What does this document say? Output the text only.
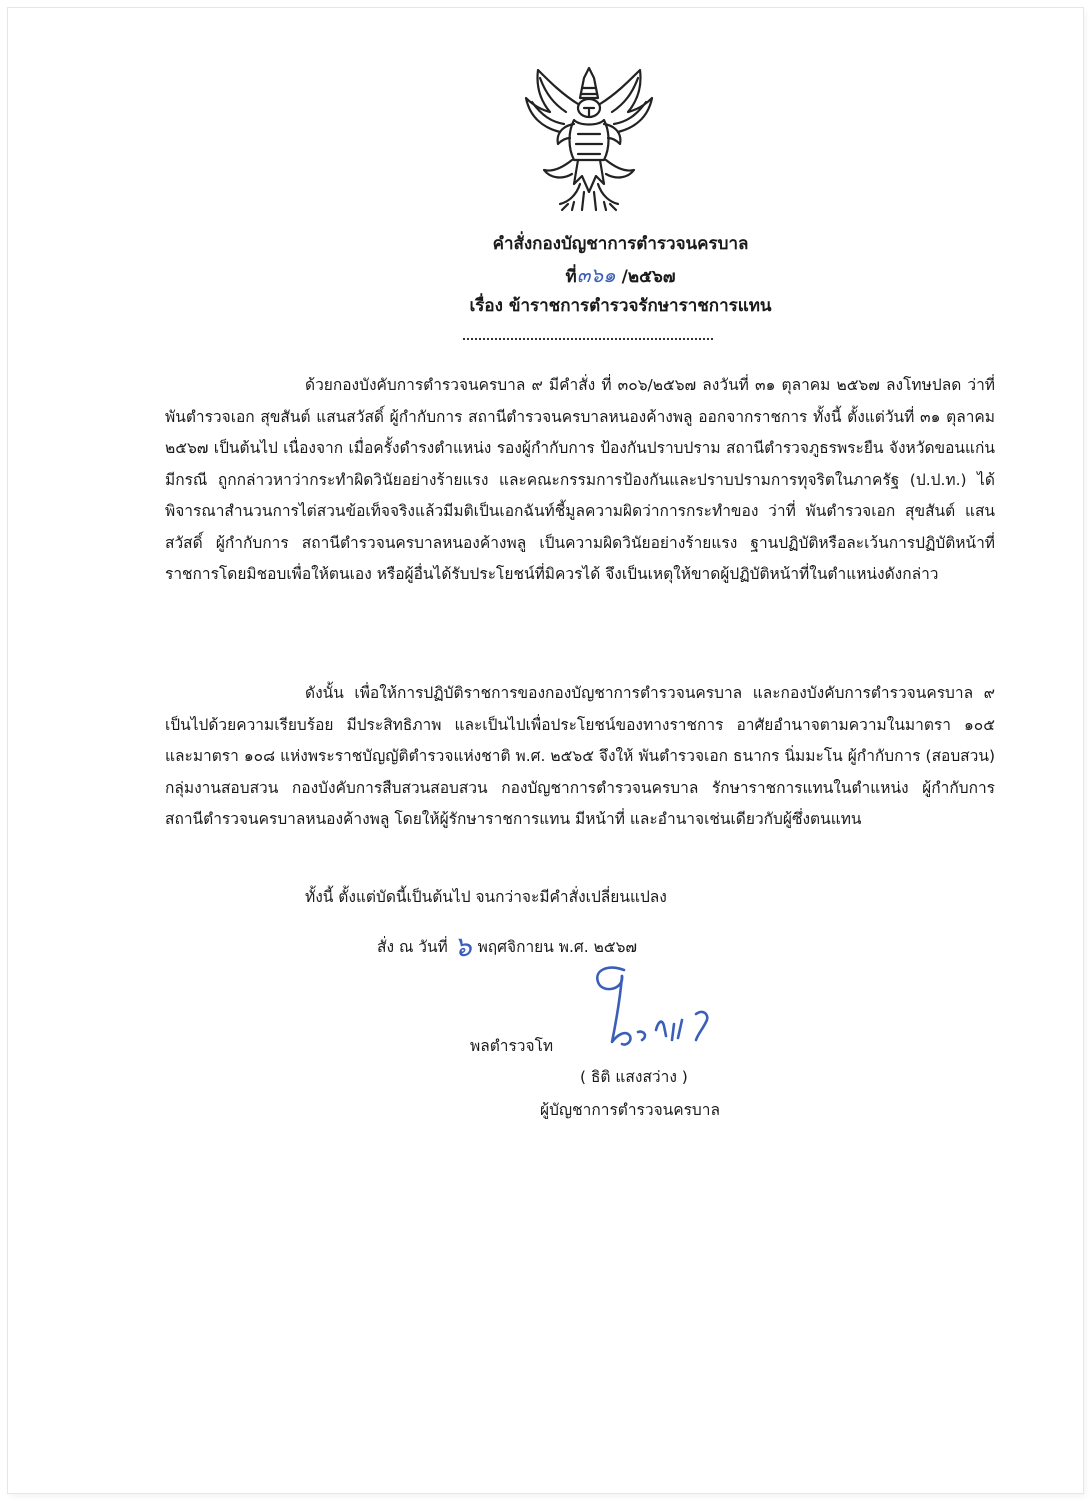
คำสั่งกองบัญชาการตำรวจนครบาล
ที่๓๖๑ /๒๕๖๗
เรื่อง ข้าราชการตำรวจรักษาราชการแทน
ด้วยกองบังคับการตำรวจนครบาล ๙ มีคำสั่ง ที่ ๓๐๖/๒๕๖๗ ลงวันที่ ๓๑ ตุลาคม ๒๕๖๗ ลงโทษปลด ว่าที่ พันตำรวจเอก สุขสันต์ แสนสวัสดิ์ ผู้กำกับการ สถานีตำรวจนครบาลหนองค้างพลู ออกจากราชการ ทั้งนี้ ตั้งแต่วันที่ ๓๑ ตุลาคม ๒๕๖๗ เป็นต้นไป เนื่องจาก เมื่อครั้งดำรงตำแหน่ง รองผู้กำกับการ ป้องกันปราบปราม สถานีตำรวจภูธรพระยืน จังหวัดขอนแก่น มีกรณี ถูกกล่าวหาว่ากระทำผิดวินัยอย่างร้ายแรง และคณะกรรมการป้องกันและปราบปรามการทุจริตในภาครัฐ (ป.ป.ท.) ได้พิจารณาสำนวนการไต่สวนข้อเท็จจริงแล้วมีมติเป็นเอกฉันท์ชี้มูลความผิดว่าการกระทำของ ว่าที่ พันตำรวจเอก สุขสันต์ แสนสวัสดิ์ ผู้กำกับการ สถานีตำรวจนครบาลหนองค้างพลู เป็นความผิดวินัยอย่างร้ายแรง ฐานปฏิบัติหรือละเว้นการปฏิบัติหน้าที่ราชการโดยมิชอบเพื่อให้ตนเอง หรือผู้อื่นได้รับประโยชน์ที่มิควรได้ จึงเป็นเหตุให้ขาดผู้ปฏิบัติหน้าที่ในตำแหน่งดังกล่าว
ดังนั้น เพื่อให้การปฏิบัติราชการของกองบัญชาการตำรวจนครบาล และกองบังคับการตำรวจนครบาล ๙ เป็นไปด้วยความเรียบร้อย มีประสิทธิภาพ และเป็นไปเพื่อประโยชน์ของทางราชการ อาศัยอำนาจตามความในมาตรา ๑๐๕ และมาตรา ๑๐๘ แห่งพระราชบัญญัติตำรวจแห่งชาติ พ.ศ. ๒๕๖๕ จึงให้ พันตำรวจเอก ธนากร นิ่มมะโน ผู้กำกับการ (สอบสวน) กลุ่มงานสอบสวน กองบังคับการสืบสวนสอบสวน กองบัญชาการตำรวจนครบาล รักษาราชการแทนในตำแหน่ง ผู้กำกับการ สถานีตำรวจนครบาลหนองค้างพลู โดยให้ผู้รักษาราชการแทน มีหน้าที่ และอำนาจเช่นเดียวกับผู้ซึ่งตนแทน
ทั้งนี้ ตั้งแต่บัดนี้เป็นต้นไป จนกว่าจะมีคำสั่งเปลี่ยนแปลง
สั่ง ณ วันที่ ๖ พฤศจิกายน พ.ศ. ๒๕๖๗
พลตำรวจโท
( ธิติ แสงสว่าง )
ผู้บัญชาการตำรวจนครบาล
